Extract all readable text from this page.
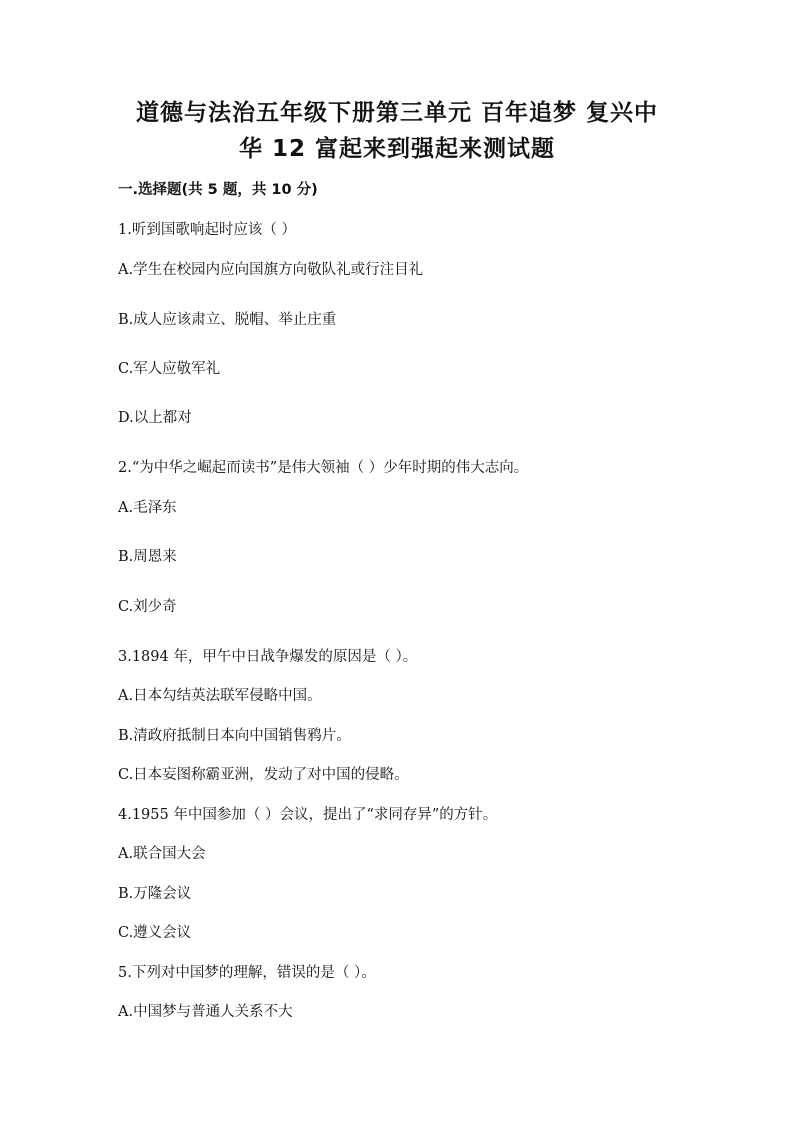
道德与法治五年级下册第三单元 百年追梦 复兴中
华 12 富起来到强起来测试题
一.选择题(共 5 题，共 10 分)
1.听到国歌响起时应该（ ）
A.学生在校园内应向国旗方向敬队礼或行注目礼
B.成人应该肃立、脱帽、举止庄重
C.军人应敬军礼
D.以上都对
2.“为中华之崛起而读书”是伟大领袖（ ）少年时期的伟大志向。
A.毛泽东
B.周恩来
C.刘少奇
3.1894 年，甲午中日战争爆发的原因是（ ）。
A.日本勾结英法联军侵略中国。
B.清政府抵制日本向中国销售鸦片。
C.日本妄图称霸亚洲，发动了对中国的侵略。
4.1955 年中国参加（ ）会议，提出了“求同存异”的方针。
A.联合国大会
B.万隆会议
C.遵义会议
5.下列对中国梦的理解，错误的是（ ）。
A.中国梦与普通人关系不大
